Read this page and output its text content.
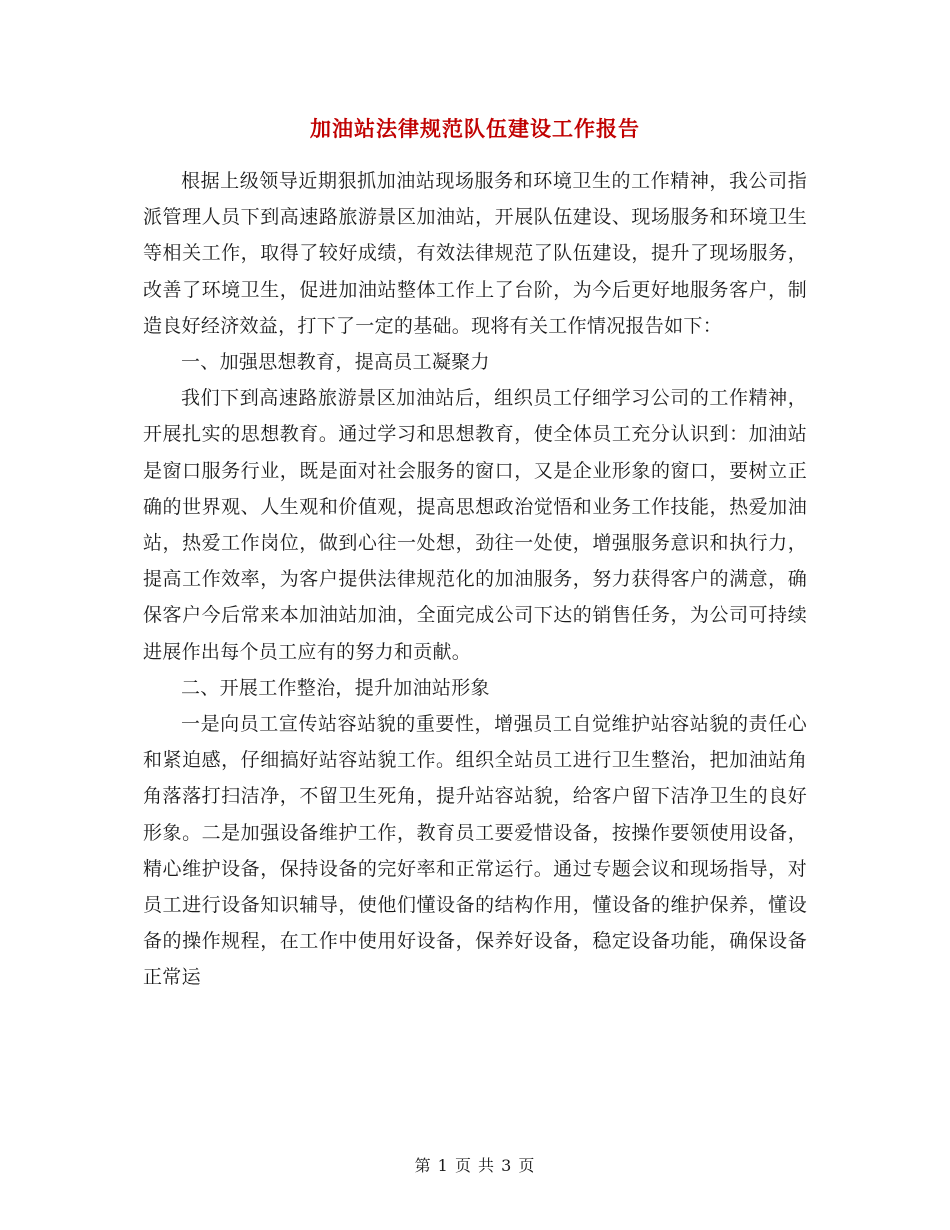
加油站法律规范队伍建设工作报告

根据上级领导近期狠抓加油站现场服务和环境卫生的工作精神，我公司指派管理人员下到高速路旅游景区加油站，开展队伍建设、现场服务和环境卫生等相关工作，取得了较好成绩，有效法律规范了队伍建设，提升了现场服务，改善了环境卫生，促进加油站整体工作上了台阶，为今后更好地服务客户，制造良好经济效益，打下了一定的基础。现将有关工作情况报告如下：

一、加强思想教育，提高员工凝聚力

我们下到高速路旅游景区加油站后，组织员工仔细学习公司的工作精神，开展扎实的思想教育。通过学习和思想教育，使全体员工充分认识到：加油站是窗口服务行业，既是面对社会服务的窗口，又是企业形象的窗口，要树立正确的世界观、人生观和价值观，提高思想政治觉悟和业务工作技能，热爱加油站，热爱工作岗位，做到心往一处想，劲往一处使，增强服务意识和执行力，提高工作效率，为客户提供法律规范化的加油服务，努力获得客户的满意，确保客户今后常来本加油站加油，全面完成公司下达的销售任务，为公司可持续进展作出每个员工应有的努力和贡献。

二、开展工作整治，提升加油站形象

一是向员工宣传站容站貌的重要性，增强员工自觉维护站容站貌的责任心和紧迫感，仔细搞好站容站貌工作。组织全站员工进行卫生整治，把加油站角角落落打扫洁净，不留卫生死角，提升站容站貌，给客户留下洁净卫生的良好形象。二是加强设备维护工作，教育员工要爱惜设备，按操作要领使用设备，精心维护设备，保持设备的完好率和正常运行。通过专题会议和现场指导，对员工进行设备知识辅导，使他们懂设备的结构作用，懂设备的维护保养，懂设备的操作规程，在工作中使用好设备，保养好设备，稳定设备功能，确保设备正常运

第 1 页 共 3 页
